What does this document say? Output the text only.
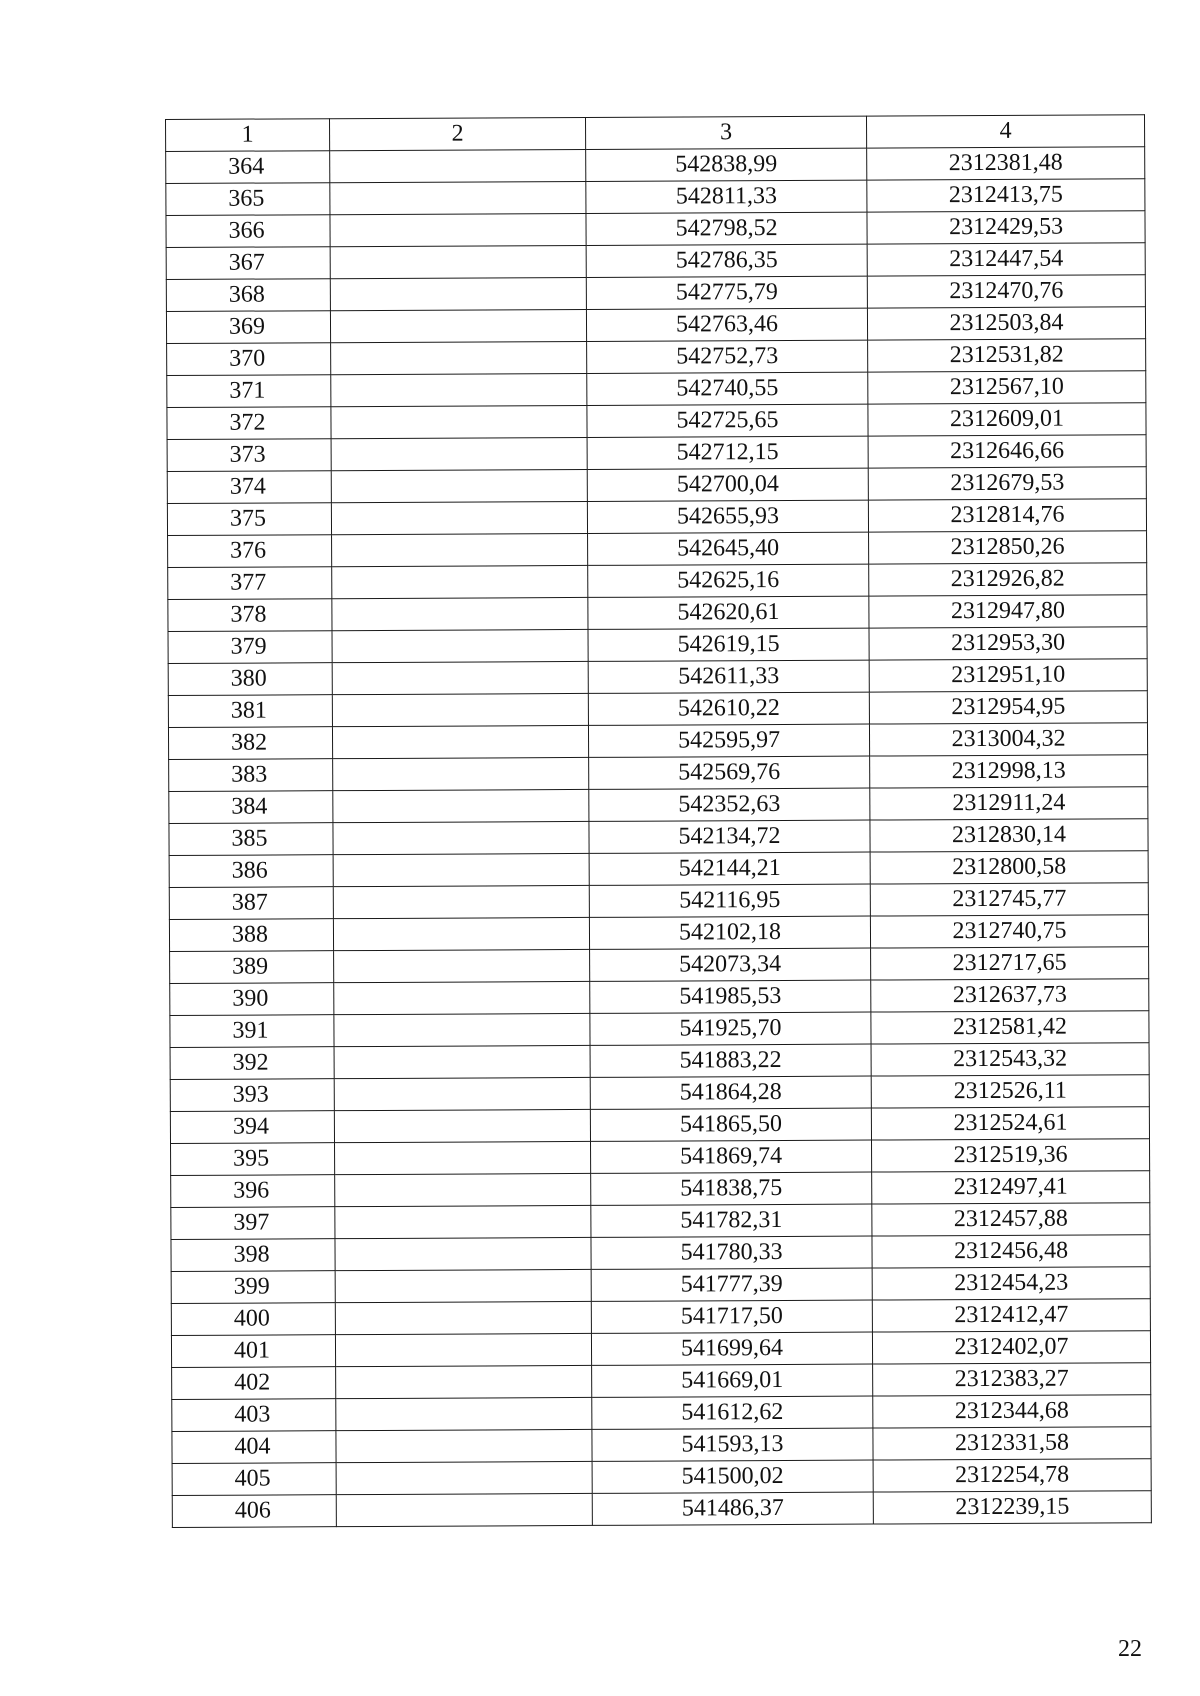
1	2	3	4
364		542838,99	2312381,48
365		542811,33	2312413,75
366		542798,52	2312429,53
367		542786,35	2312447,54
368		542775,79	2312470,76
369		542763,46	2312503,84
370		542752,73	2312531,82
371		542740,55	2312567,10
372		542725,65	2312609,01
373		542712,15	2312646,66
374		542700,04	2312679,53
375		542655,93	2312814,76
376		542645,40	2312850,26
377		542625,16	2312926,82
378		542620,61	2312947,80
379		542619,15	2312953,30
380		542611,33	2312951,10
381		542610,22	2312954,95
382		542595,97	2313004,32
383		542569,76	2312998,13
384		542352,63	2312911,24
385		542134,72	2312830,14
386		542144,21	2312800,58
387		542116,95	2312745,77
388		542102,18	2312740,75
389		542073,34	2312717,65
390		541985,53	2312637,73
391		541925,70	2312581,42
392		541883,22	2312543,32
393		541864,28	2312526,11
394		541865,50	2312524,61
395		541869,74	2312519,36
396		541838,75	2312497,41
397		541782,31	2312457,88
398		541780,33	2312456,48
399		541777,39	2312454,23
400		541717,50	2312412,47
401		541699,64	2312402,07
402		541669,01	2312383,27
403		541612,62	2312344,68
404		541593,13	2312331,58
405		541500,02	2312254,78
406		541486,37	2312239,15
22
